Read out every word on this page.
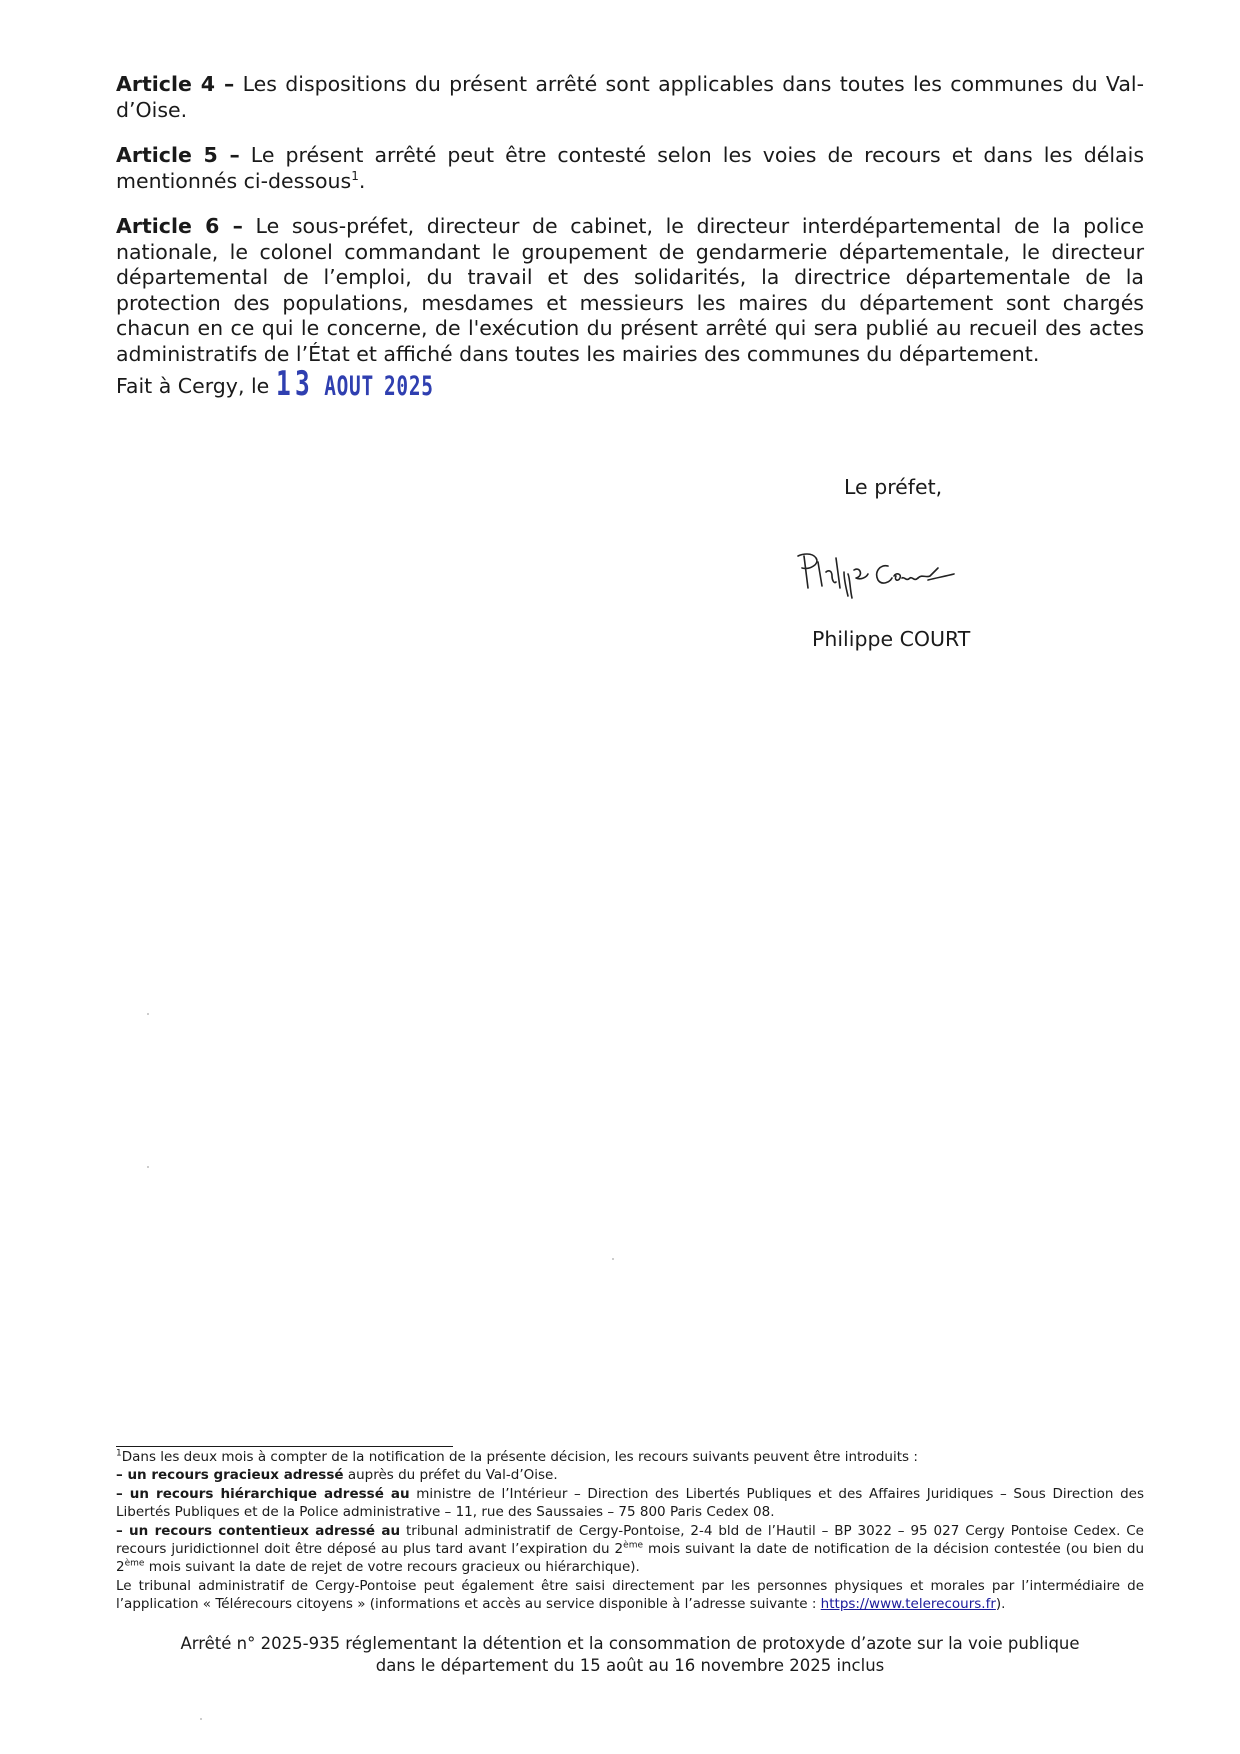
Article 4 – Les dispositions du présent arrêté sont applicables dans toutes les communes du Val-d’Oise.

Article 5 – Le présent arrêté peut être contesté selon les voies de recours et dans les délais mentionnés ci-dessous$^1$.

Article 6 – Le sous-préfet, directeur de cabinet, le directeur interdépartemental de la police nationale, le colonel commandant le groupement de gendarmerie départementale, le directeur départemental de l’emploi, du travail et des solidarités, la directrice départementale de la protection des populations, mesdames et messieurs les maires du département sont chargés chacun en ce qui le concerne, de l'exécution du présent arrêté qui sera publié au recueil des actes administratifs de l’État et affiché dans toutes les mairies des communes du département.

Fait à Cergy, le 13 AOUT 2025
Le préfet,
Philippe COURT

$^1$Dans les deux mois à compter de la notification de la présente décision, les recours suivants peuvent être introduits :

– un recours gracieux adressé auprès du préfet du Val-d’Oise.

– un recours hiérarchique adressé au ministre de l’Intérieur – Direction des Libertés Publiques et des Affaires Juridiques – Sous Direction des Libertés Publiques et de la Police administrative – 11, rue des Saussaies – 75 800 Paris Cedex 08.

– un recours contentieux adressé au tribunal administratif de Cergy-Pontoise, 2-4 bld de l’Hautil – BP 3022 – 95 027 Cergy Pontoise Cedex. Ce recours juridictionnel doit être déposé au plus tard avant l’expiration du 2ème mois suivant la date de notification de la décision contestée (ou bien du 2ème mois suivant la date de rejet de votre recours gracieux ou hiérarchique).

Le tribunal administratif de Cergy-Pontoise peut également être saisi directement par les personnes physiques et morales par l’intermédiaire de l’application « Télérecours citoyens » (informations et accès au service disponible à l’adresse suivante : https://www.telerecours.fr).

Arrêté n° 2025-935 réglementant la détention et la consommation de protoxyde d’azote sur la voie publique
dans le département du 15 août au 16 novembre 2025 inclus
